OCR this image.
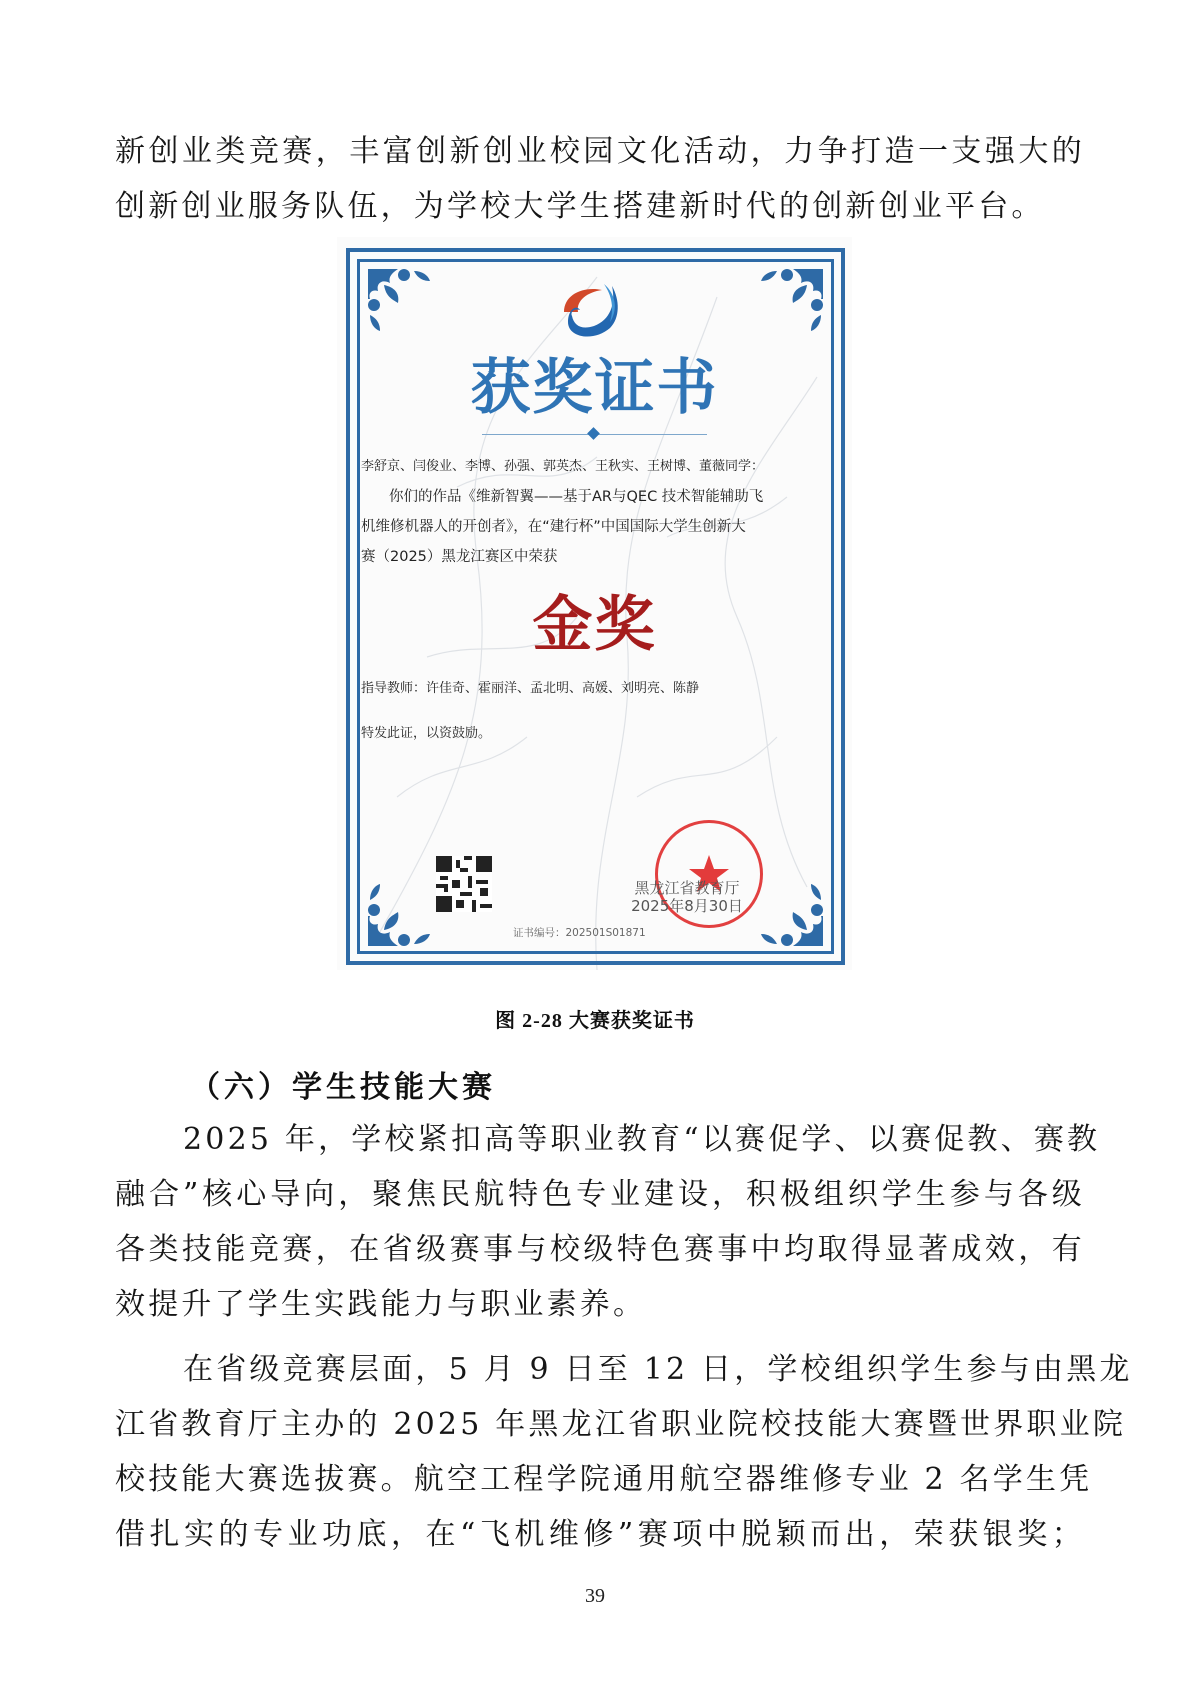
新创业类竞赛，丰富创新创业校园文化活动，力争打造一支强大的
创新创业服务队伍，为学校大学生搭建新时代的创新创业平台。
获奖证书
李舒京、闫俊业、李博、孙强、郭英杰、王秋实、王树博、董薇同学：
你们的作品《维新智翼——基于AR与QEC 技术智能辅助飞
机维修机器人的开创者》，在“建行杯”中国国际大学生创新大
赛（2025）黑龙江赛区中荣获
金奖
指导教师：许佳奇、霍丽洋、孟北明、高媛、刘明亮、陈静
特发此证，以资鼓励。
黑龙江省教育厅
2025年8月30日
证书编号：202501S01871
图 2-28 大赛获奖证书
（六）学生技能大赛
2025 年，学校紧扣高等职业教育“以赛促学、以赛促教、赛教
融合”核心导向，聚焦民航特色专业建设，积极组织学生参与各级
各类技能竞赛，在省级赛事与校级特色赛事中均取得显著成效，有
效提升了学生实践能力与职业素养。
在省级竞赛层面，5 月 9 日至 12 日，学校组织学生参与由黑龙
江省教育厅主办的 2025 年黑龙江省职业院校技能大赛暨世界职业院
校技能大赛选拔赛。航空工程学院通用航空器维修专业 2 名学生凭
借扎实的专业功底，在“飞机维修”赛项中脱颖而出，荣获银奖；
39
